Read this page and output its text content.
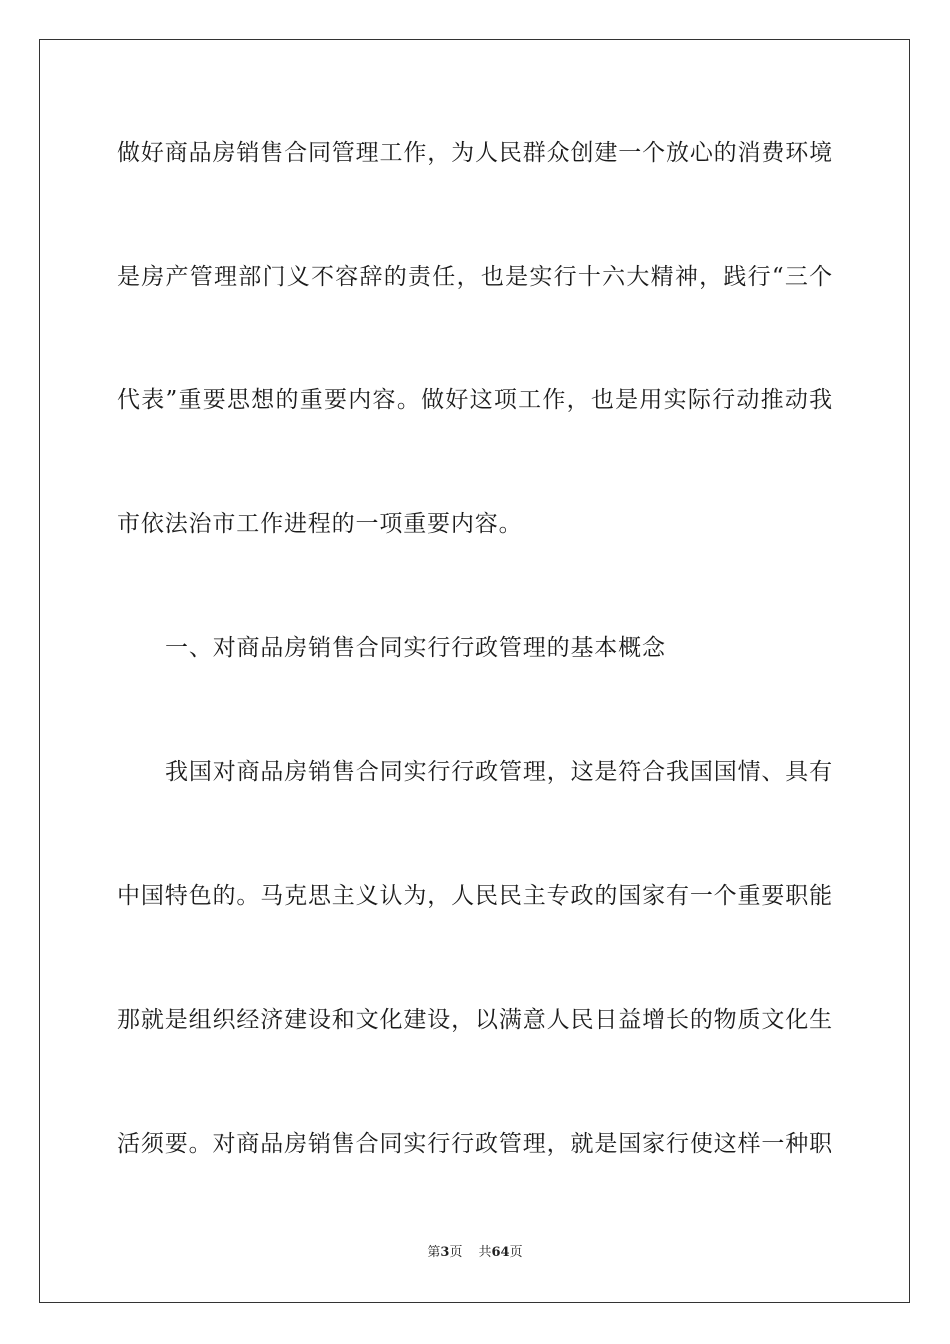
做好商品房销售合同管理工作，为人民群众创建一个放心的消费环境
是房产管理部门义不容辞的责任，也是实行十六大精神，践行“三个
代表”重要思想的重要内容。做好这项工作，也是用实际行动推动我
市依法治市工作进程的一项重要内容。
一、对商品房销售合同实行行政管理的基本概念
我国对商品房销售合同实行行政管理，这是符合我国国情、具有
中国特色的。马克思主义认为，人民民主专政的国家有一个重要职能
那就是组织经济建设和文化建设，以满意人民日益增长的物质文化生
活须要。对商品房销售合同实行行政管理，就是国家行使这样一种职
第3页 共64页
